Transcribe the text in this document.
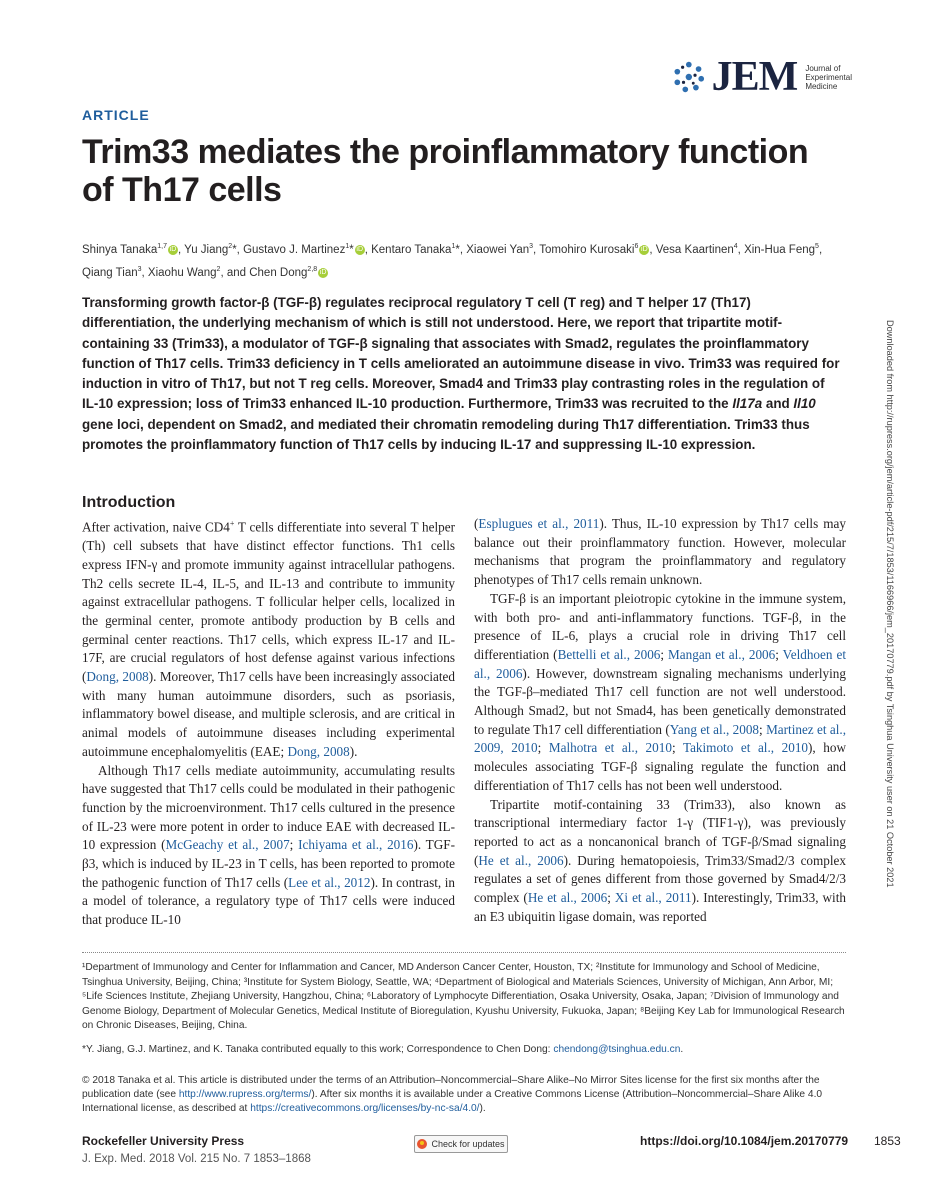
JEM Journal of
Experimental
Medicine
ARTICLE
Trim33 mediates the proinflammatory function of Th17 cells
Shinya Tanaka$^{1,7}$ iD , Yu Jiang$^2$*, Gustavo J. Martinez$^1$* iD , Kentaro Tanaka$^1$*, Xiaowei Yan$^3$, Tomohiro Kurosaki$^6$ iD , Vesa Kaartinen$^4$, Xin-Hua Feng$^5$, Qiang Tian$^3$, Xiaohu Wang$^2$, and Chen Dong$^{2,8}$ iD
Transforming growth factor-β (TGF-β) regulates reciprocal regulatory T cell (T reg) and T helper 17 (Th17) differentiation, the underlying mechanism of which is still not understood. Here, we report that tripartite motif-containing 33 (Trim33), a modulator of TGF-β signaling that associates with Smad2, regulates the proinflammatory function of Th17 cells. Trim33 deficiency in T cells ameliorated an autoimmune disease in vivo. Trim33 was required for induction in vitro of Th17, but not T reg cells. Moreover, Smad4 and Trim33 play contrasting roles in the regulation of IL-10 expression; loss of Trim33 enhanced IL-10 production. Furthermore, Trim33 was recruited to the Il17a and Il10 gene loci, dependent on Smad2, and mediated their chromatin remodeling during Th17 differentiation. Trim33 thus promotes the proinflammatory function of Th17 cells by inducing IL-17 and suppressing IL-10 expression.	Downloaded from http://rupress.org/jem/article-pdf/215/7/1853/1166966/jem_20170779.pdf by Tsinghua University user on 21 October 2021
Introduction

After activation, naive CD4+ T cells differentiate into several T helper (Th) cell subsets that have distinct effector functions. Th1 cells express IFN-γ and promote immunity against intracellular pathogens. Th2 cells secrete IL-4, IL-5, and IL-13 and contribute to immunity against extracellular pathogens. T follicular helper cells, localized in the germinal center, promote antibody production by B cells and germinal center reactions. Th17 cells, which express IL-17 and IL-17F, are crucial regulators of host defense against various infections (Dong, 2008). Moreover, Th17 cells have been increasingly associated with many human autoimmune disorders, such as psoriasis, inflammatory bowel disease, and multiple sclerosis, and are critical in animal models of autoimmune diseases including experimental autoimmune encephalomyelitis (EAE; Dong, 2008).

Although Th17 cells mediate autoimmunity, accumulating results have suggested that Th17 cells could be modulated in their pathogenic function by the microenvironment. Th17 cells cultured in the presence of IL-23 were more potent in order to induce EAE with decreased IL-10 expression (McGeachy et al., 2007; Ichiyama et al., 2016). TGF-β3, which is induced by IL-23 in T cells, has been reported to promote the pathogenic function of Th17 cells (Lee et al., 2012). In contrast, in a model of tolerance, a regulatory type of Th17 cells were induced that produce IL-10

(Esplugues et al., 2011). Thus, IL-10 expression by Th17 cells may balance out their proinflammatory function. However, molecular mechanisms that program the proinflammatory and regulatory phenotypes of Th17 cells remain unknown.

TGF-β is an important pleiotropic cytokine in the immune system, with both pro- and anti-inflammatory functions. TGF-β, in the presence of IL-6, plays a crucial role in driving Th17 cell differentiation (Bettelli et al., 2006; Mangan et al., 2006; Veldhoen et al., 2006). However, downstream signaling mechanisms underlying the TGF-β–mediated Th17 cell function are not well understood. Although Smad2, but not Smad4, has been genetically demonstrated to regulate Th17 cell differentiation (Yang et al., 2008; Martinez et al., 2009, 2010; Malhotra et al., 2010; Takimoto et al., 2010), how molecules associating TGF-β signaling regulate the function and differentiation of Th17 cells has not been well understood.

Tripartite motif-containing 33 (Trim33), also known as transcriptional intermediary factor 1-γ (TIF1-γ), was previously reported to act as a noncanonical branch of TGF-β/Smad signaling (He et al., 2006). During hematopoiesis, Trim33/Smad2/3 complex regulates a set of genes different from those governed by Smad4/2/3 complex (He et al., 2006; Xi et al., 2011). Interestingly, Trim33, with an E3 ubiquitin ligase domain, was reported

¹Department of Immunology and Center for Inflammation and Cancer, MD Anderson Cancer Center, Houston, TX; ²Institute for Immunology and School of Medicine, Tsinghua University, Beijing, China; ³Institute for System Biology, Seattle, WA; ⁴Department of Biological and Materials Sciences, University of Michigan, Ann Arbor, MI; ⁵Life Sciences Institute, Zhejiang University, Hangzhou, China; ⁶Laboratory of Lymphocyte Differentiation, Osaka University, Osaka, Japan; ⁷Division of Immunology and Genome Biology, Department of Molecular Genetics, Medical Institute of Bioregulation, Kyushu University, Fukuoka, Japan; ⁸Beijing Key Lab for Immunological Research on Chronic Diseases, Beijing, China.
*Y. Jiang, G.J. Martinez, and K. Tanaka contributed equally to this work; Correspondence to Chen Dong: chendong@tsinghua.edu.cn.
© 2018 Tanaka et al. This article is distributed under the terms of an Attribution–Noncommercial–Share Alike–No Mirror Sites license for the first six months after the publication date (see http://www.rupress.org/terms/). After six months it is available under a Creative Commons License (Attribution–Noncommercial–Share Alike 4.0 International license, as described at https://creativecommons.org/licenses/by-nc-sa/4.0/).
Rockefeller University Press
J. Exp. Med. 2018 Vol. 215 No. 7 1853–1868
Check for updates	https://doi.org/10.1084/jem.20170779 1853
